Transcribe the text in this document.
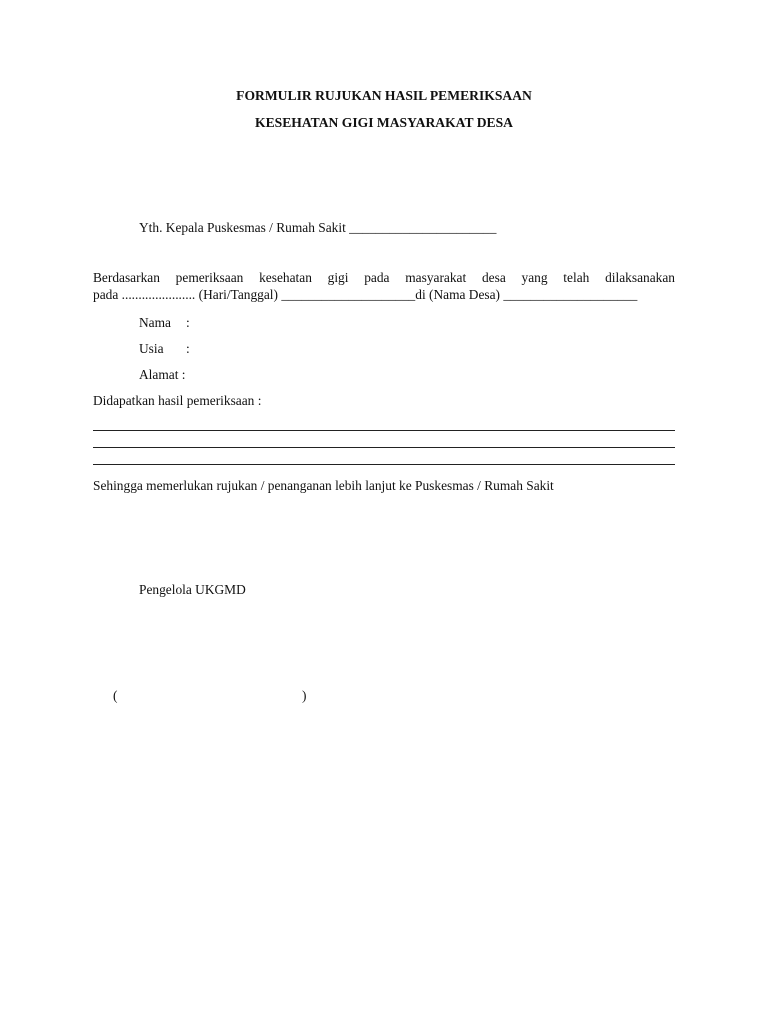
FORMULIR RUJUKAN HASIL PEMERIKSAAN
KESEHATAN GIGI MASYARAKAT DESA
Yth. Kepala Puskesmas / Rumah Sakit ______________________
Berdasarkan pemeriksaan kesehatan gigi pada masyarakat desa yang telah dilaksanakan
pada ...................... (Hari/Tanggal) ____________________di (Nama Desa) ____________________
Nama :
Usia :
Alamat :
Didapatkan hasil pemeriksaan :
Sehingga memerlukan rujukan / penanganan lebih lanjut ke Puskesmas / Rumah Sakit
Pengelola UKGMD
(	)
